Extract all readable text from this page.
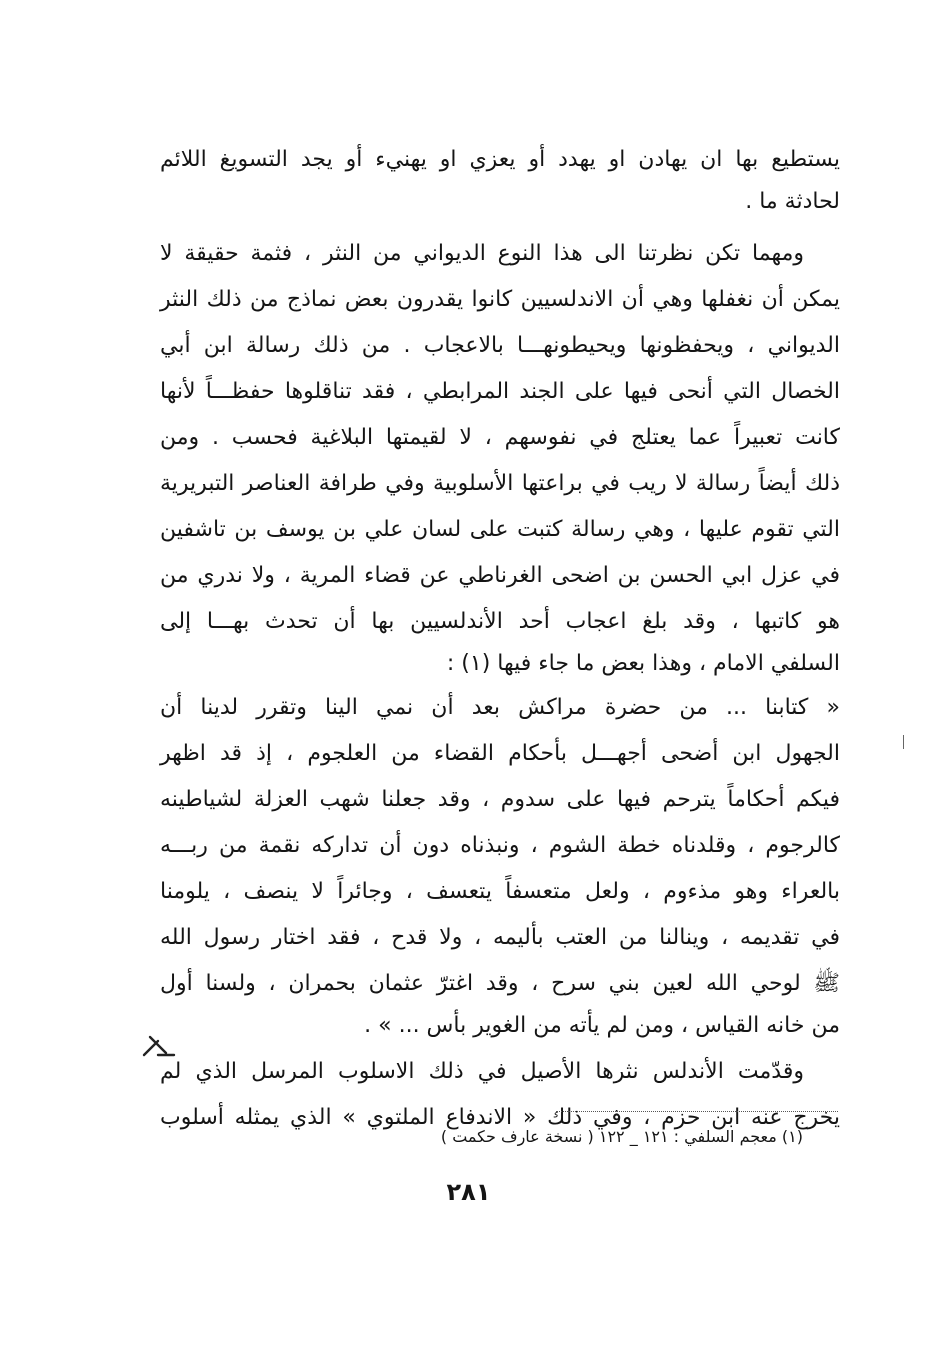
يستطيع بها ان يهادن او يهدد أو يعزي او يهنيء أو يجد التسويغ اللائم
لحادثة ما .
ومهما تكن نظرتنا الى هذا النوع الديواني من النثر ، فثمة حقيقة لا
يمكن أن نغفلها وهي أن الاندلسيين كانوا يقدرون بعض نماذج من ذلك النثر
الديواني ، ويحفظونها ويحيطونهـــا بالاعجاب . من ذلك رسالة ابن أبي
الخصال التي أنحى فيها على الجند المرابطي ، فقد تناقلوها حفظـــاً لأنها
كانت تعبيراً عما يعتلج في نفوسهم ، لا لقيمتها البلاغية فحسب . ومن
ذلك أيضاً رسالة لا ريب في براعتها الأسلوبية وفي طرافة العناصر التبريرية
التي تقوم عليها ، وهي رسالة كتبت على لسان علي بن يوسف بن تاشفين
في عزل ابي الحسن بن اضحى الغرناطي عن قضاء المرية ، ولا ندري من
هو كاتبها ، وقد بلغ اعجاب أحد الأندلسيين بها أن تحدث بهـــا إلى
السلفي الامام ، وهذا بعض ما جاء فيها (١) :
« كتابنا ... من حضرة مراكش بعد أن نمي الينا وتقرر لدينا أن
الجهول ابن أضحى أجهـــل بأحكام القضاء من العلجوم ، إذ قد اظهر
فيكم أحكاماً يترحم فيها على سدوم ، وقد جعلنا شهب العزلة لشياطينه
كالرجوم ، وقلدناه خطة الشوم ، ونبذناه دون أن تداركه نقمة من ربـــه
بالعراء وهو مذءوم ، ولعل متعسفاً يتعسف ، وجائراً لا ينصف ، يلومنا
في تقديمه ، وينالنا من العتب بأليمه ، ولا قدح ، فقد اختار رسول الله
ﷺ لوحي الله لعين بني سرح ، وقد اغترّ عثمان بحمران ، ولسنا أول
من خانه القياس ، ومن لم يأته من الغوير بأس ... » .
وقدّمت الأندلس نثرها الأصيل في ذلك الاسلوب المرسل الذي لم
يخرج عنه ابن حزم ، وفي ذلك « الاندفاع الملتوي » الذي يمثله أسلوب
(١) معجم السلفي : ١٢١ _ ١٢٢ ( نسخة عارف حكمت )
٢٨١
